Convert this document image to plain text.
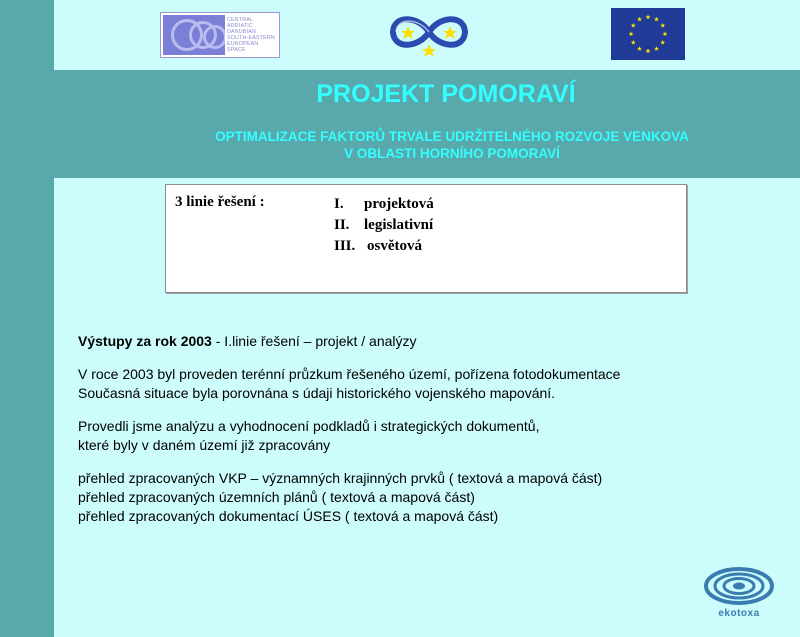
CENTRAL
ADRIATIC
DANUBIAN
SOUTH-EASTERN
EUROPEAN
SPACE
PROJEKT POMORAVÍ
OPTIMALIZACE FAKTORŮ TRVALE UDRŽITELNÉHO ROZVOJE VENKOVA
V OBLASTI HORNÍHO POMORAVÍ
3 linie řešení :	I.	projektová
II. legislativní
III. osvětová

Výstupy za rok 2003 - I.linie řešení – projekt / analýzy

V roce 2003 byl proveden terénní průzkum řešeného území, pořízena fotodokumentace

Současná situace byla porovnána s údaji historického vojenského mapování.

Provedli jsme analýzu a vyhodnocení podkladů i strategických dokumentů,

které byly v daném území již zpracovány

přehled zpracovaných VKP – významných krajinných prvků ( textová a mapová část)

přehled zpracovaných územních plánů ( textová a mapová část)

přehled zpracovaných dokumentací ÚSES ( textová a mapová část)

ekotoxa
